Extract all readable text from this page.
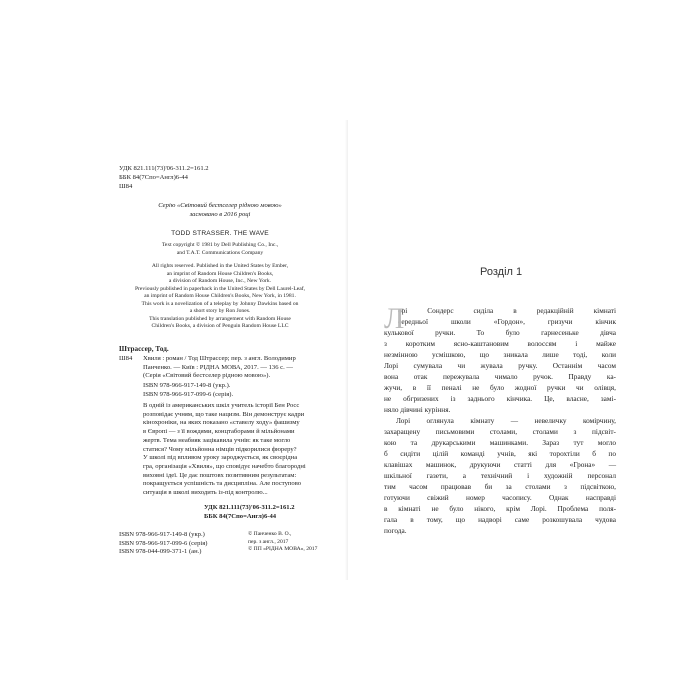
УДК 821.111(73)'06-311.2=161.2
ББК 84(7Спо=Англ)6-44
Ш84
Серію «Світовий бестселер рідною мовою»
засновано в 2016 році
TODD STRASSER. THE WAVE
Text copyright © 1981 by Dell Publishing Co., Inc.,
and T.A.T. Communications Company
All rights reserved. Published in the United States by Ember,
an imprint of Random House Children's Books,
a division of Random House, Inc., New York.
Previously published in paperback in the United States by Dell Laurel-Leaf,
an imprint of Random House Children's Books, New York, in 1981.
This work is a novelization of a teleplay by Johnny Dawkins based on
a short story by Ron Jones.
This translation published by arrangement with Random House
Children's Books, a division of Penguin Random House LLC
Штрассер, Тод.
Ш84 Хвиля : роман / Тод Штрассер; пер. з англ. Володимир
Панченко. — Київ : РІДНА МОВА, 2017. — 136 с. —
(Серія «Світовий бестселер рідною мовою»).
ISBN 978-966-917-149-8 (укр.).
ISBN 978-966-917-099-6 (серія).
В одній із американських шкіл учитель історії Бен Росс
розповідає учням, що таке нацизм. Він демонструє кадри
кінохроніки, на яких показано «ставелу ходу» фашизму
в Європі — з її вождями, концтаборами й мільйонами
жертв. Тема неабияк зацікавила учнів: як таке могло
статися? Чому мільйонна німців підкорилися фюреру?
У школі під впливом уроку зароджується, як своєрідна
гра, організація «Хвиля», що сповідує начебто благородні
виховні ідеї. Це дає поштовх позитивним результатам:
покращується успішність та дисципліна. Але поступово
ситуація в школі виходить із-під контролю...
УДК 821.111(73)'06-311.2=161.2
ББК 84(7Спо=Англ)6-44
ISBN 978-966-917-149-8 (укр.)
ISBN 978-966-917-099-6 (серія)
ISBN 978-044-099-371-1 (ан.)
© Панченко В. О.,
пер. з англ., 2017
© ПП «РІДНА МОВА», 2017
Розділ 1
Л
орі Сондерс сиділа в редакційній кімнаті
середньої школи «Гордон», гризучи кінчик
кулькової ручки. То було гарнесеньке дівча
з коротким ясно-каштановим волоссям і майже
незмінною усмішкою, що зникала лише тоді, коли
Лорі сумувала чи жувала ручку. Останнім часом
вона отак пережувала чимало ручок. Правду ка-
жучи, в її пеналі не було жодної ручки чи олівця,
не обгризених із заднього кінчика. Це, власне, замі-
няло дівчині куріння.
Лорі оглянула кімнату — невеличку комірчину,
захаращену письмовими столами, столами з підсвіт-
кою та друкарськими машинками. Зараз тут могло
б сидіти цілій команді учнів, які торохтіли б по
клавішах машинок, друкуючи статті для «Грона» —
шкільної газети, а технічний і художній персонал
тим часом працював би за столами з підсвіткою,
готуючи свіжий номер часопису. Однак насправді
в кімнаті не було нікого, крім Лорі. Проблема поля-
гала в тому, що надворі саме розкошувала чудова
погода.
